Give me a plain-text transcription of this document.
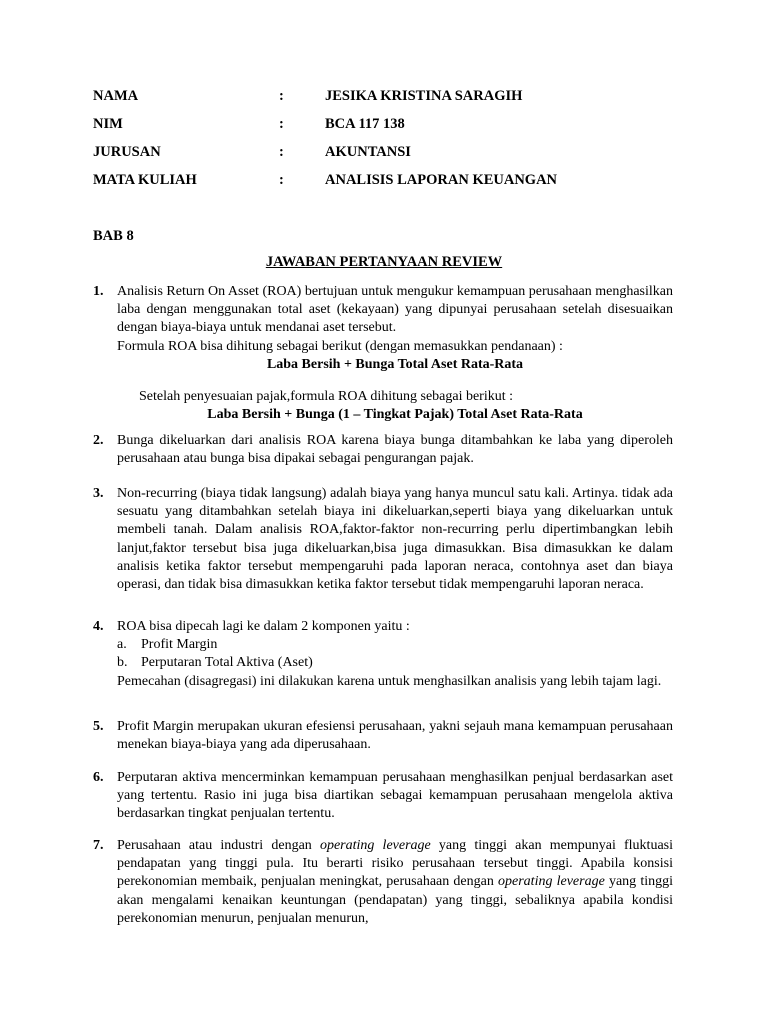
NAMA	:	JESIKA KRISTINA SARAGIH
NIM	:	BCA 117 138
JURUSAN	:	AKUNTANSI
MATA KULIAH	:	ANALISIS LAPORAN KEUANGAN
BAB 8
JAWABAN PERTANYAAN REVIEW
1. Analisis Return On Asset (ROA) bertujuan untuk mengukur kemampuan perusahaan menghasilkan laba dengan menggunakan total aset (kekayaan) yang dipunyai perusahaan setelah disesuaikan dengan biaya-biaya untuk mendanai aset tersebut.

Formula ROA bisa dihitung sebagai berikut (dengan memasukkan pendanaan) :

Laba Bersih + Bunga Total Aset Rata-Rata

Setelah penyesuaian pajak,formula ROA dihitung sebagai berikut :

Laba Bersih + Bunga (1 – Tingkat Pajak) Total Aset Rata-Rata

2. Bunga dikeluarkan dari analisis ROA karena biaya bunga ditambahkan ke laba yang diperoleh perusahaan atau bunga bisa dipakai sebagai pengurangan pajak.

3. Non-recurring (biaya tidak langsung) adalah biaya yang hanya muncul satu kali. Artinya. tidak ada sesuatu yang ditambahkan setelah biaya ini dikeluarkan,seperti biaya yang dikeluarkan untuk membeli tanah. Dalam analisis ROA,faktor-faktor non-recurring perlu dipertimbangkan lebih lanjut,faktor tersebut bisa juga dikeluarkan,bisa juga dimasukkan. Bisa dimasukkan ke dalam analisis ketika faktor tersebut mempengaruhi pada laporan neraca, contohnya aset dan biaya operasi, dan tidak bisa dimasukkan ketika faktor tersebut tidak mempengaruhi laporan neraca.

4. ROA bisa dipecah lagi ke dalam 2 komponen yaitu :

a.	Profit Margin

b. Perputaran Total Aktiva (Aset)

Pemecahan (disagregasi) ini dilakukan karena untuk menghasilkan analisis yang lebih tajam lagi.

5. Profit Margin merupakan ukuran efesiensi perusahaan, yakni sejauh mana kemampuan perusahaan menekan biaya-biaya yang ada diperusahaan.

6. Perputaran aktiva mencerminkan kemampuan perusahaan menghasilkan penjual berdasarkan aset yang tertentu. Rasio ini juga bisa diartikan sebagai kemampuan perusahaan mengelola aktiva berdasarkan tingkat penjualan tertentu.

7. Perusahaan atau industri dengan operating leverage yang tinggi akan mempunyai fluktuasi pendapatan yang tinggi pula. Itu berarti risiko perusahaan tersebut tinggi. Apabila konsisi perekonomian membaik, penjualan meningkat, perusahaan dengan operating leverage yang tinggi akan mengalami kenaikan keuntungan (pendapatan) yang tinggi, sebaliknya apabila kondisi perekonomian menurun, penjualan menurun,
